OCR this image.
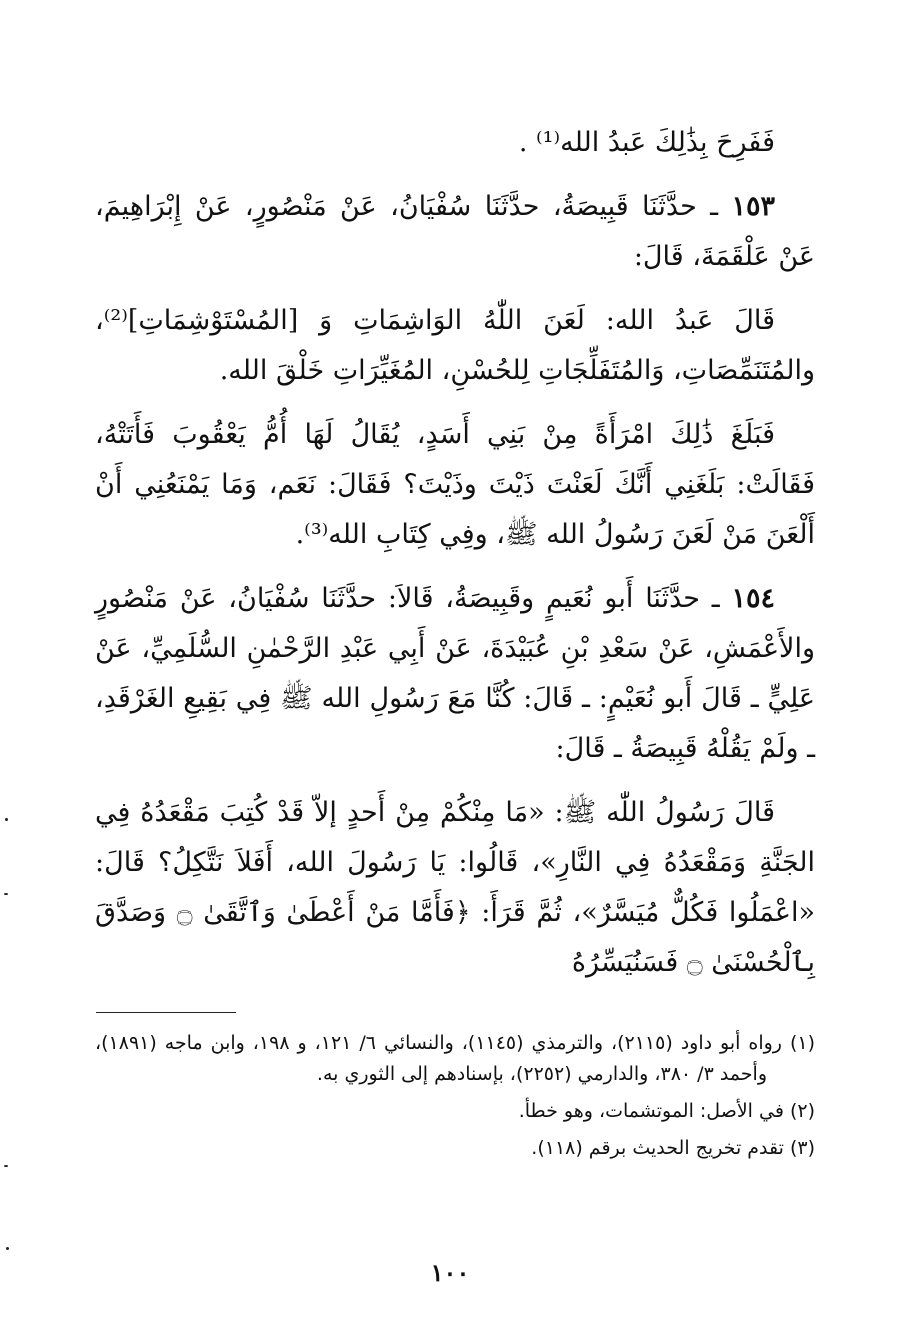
فَفَرِحَ بِذَٰلِكَ عَبدُ الله⁽¹⁾ .

١٥٣ ـ حدَّثَنَا قَبِيصَةُ، حدَّثَنَا سُفْيَانُ، عَنْ مَنْصُورٍ، عَنْ إِبْرَاهِيمَ، عَنْ عَلْقَمَةَ، قَالَ:

قَالَ عَبدُ الله: لَعَنَ اللّٰهُ الوَاشِمَاتِ وَ [المُسْتَوْشِمَاتِ]⁽²⁾، والمُتَنَمِّصَاتِ، وَالمُتَفَلِّجَاتِ لِلحُسْنِ، المُغَيِّرَاتِ خَلْقَ الله.

فَبَلَغَ ذَٰلِكَ امْرَأَةً مِنْ بَنِي أَسَدٍ، يُقَالُ لَهَا أُمُّ يَعْقُوبَ فَأَتَتْهُ، فَقَالَتْ: بَلَغَنِي أَنَّكَ لَعَنْتَ ذَيْتَ وذَيْتَ؟ فَقَالَ: نَعَم، وَمَا يَمْنَعُنِي أَنْ أَلْعَنَ مَنْ لَعَنَ رَسُولُ الله ﷺ، وفِي كِتَابِ الله⁽³⁾.

١٥٤ ـ حدَّثَنَا أَبو نُعَيمٍ وقَبِيصَةُ، قَالاَ: حدَّثَنَا سُفْيَانُ، عَنْ مَنْصُورٍ والأَعْمَشِ، عَنْ سَعْدِ بْنِ عُبَيْدَةَ، عَنْ أَبِي عَبْدِ الرَّحْمٰنِ السُّلَمِيِّ، عَنْ عَلِيٍّ ـ قَالَ أَبو نُعَيْمٍ: ـ قَالَ: كُنَّا مَعَ رَسُولِ الله ﷺ فِي بَقِيعِ الغَرْقَدِ، ـ ولَمْ يَقُلْهُ قَبِيصَةُ ـ قَالَ:

قَالَ رَسُولُ اللّٰه ﷺ: «مَا مِنْكُمْ مِنْ أَحدٍ إلاّ قَدْ كُتِبَ مَقْعَدُهُ فِي الجَنَّةِ وَمَقْعَدُهُ فِي النَّارِ»، قَالُوا: يَا رَسُولَ الله، أَفَلاَ نَتَّكِلُ؟ قَالَ: «اعْمَلُوا فَكُلٌّ مُيَسَّرٌ»، ثُمَّ قَرَأَ: ﴿فَأَمَّا مَنْ أَعْطَىٰ وَٱتَّقَىٰ ۝ وَصَدَّقَ بِٱلْحُسْنَىٰ ۝ فَسَنُيَسِّرُهُ

(١) رواه أبو داود (٢١١٥)، والترمذي (١١٤٥)، والنسائي ٦/ ١٢١، و ١٩٨، وابن ماجه (١٨٩١)، وأحمد ٣/ ٣٨٠، والدارمي (٢٢٥٢)، بإسنادهم إلى الثوري به.

(٢) في الأصل: الموتشمات، وهو خطأ.

(٣) تقدم تخريج الحديث برقم (١١٨).

١٠٠
